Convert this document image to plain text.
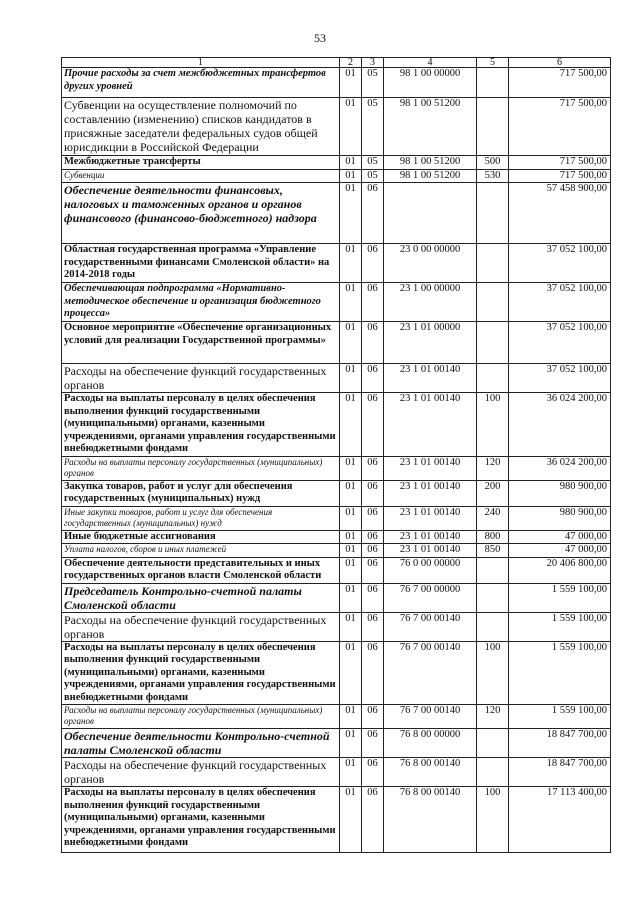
53
1	2	3	4	5	6
Прочие расходы за счет межбюджетных трансфертов других уровней	01	05	98 1 00 00000		717 500,00
Субвенции на осуществление полномочий по составлению (изменению) списков кандидатов в присяжные заседатели федеральных судов общей юрисдикции в Российской Федерации	01	05	98 1 00 51200		717 500,00
Межбюджетные трансферты	01	05	98 1 00 51200	500	717 500,00
Субвенции	01	05	98 1 00 51200	530	717 500,00
Обеспечение деятельности финансовых, налоговых и таможенных органов и органов финансового (финансово-бюджетного) надзора	01	06			57 458 900,00
Областная государственная программа «Управление государственными финансами Смоленской области» на 2014-2018 годы	01	06	23 0 00 00000		37 052 100,00
Обеспечивающая подпрограмма «Нормативно-методическое обеспечение и организация бюджетного процесса»	01	06	23 1 00 00000		37 052 100,00
Основное мероприятие «Обеспечение организационных условий для реализации Государственной программы»	01	06	23 1 01 00000		37 052 100,00
Расходы на обеспечение функций государственных органов	01	06	23 1 01 00140		37 052 100,00
Расходы на выплаты персоналу в целях обеспечения выполнения функций государственными (муниципальными) органами, казенными учреждениями, органами управления государственными внебюджетными фондами	01	06	23 1 01 00140	100	36 024 200,00
Расходы на выплаты персоналу государственных (муниципальных) органов	01	06	23 1 01 00140	120	36 024 200,00
Закупка товаров, работ и услуг для обеспечения государственных (муниципальных) нужд	01	06	23 1 01 00140	200	980 900,00
Иные закупки товаров, работ и услуг для обеспечения государственных (муниципальных) нужд	01	06	23 1 01 00140	240	980 900,00
Иные бюджетные ассигнования	01	06	23 1 01 00140	800	47 000,00
Уплата налогов, сборов и иных платежей	01	06	23 1 01 00140	850	47 000,00
Обеспечение деятельности представительных и иных государственных органов власти Смоленской области	01	06	76 0 00 00000		20 406 800,00
Председатель Контрольно-счетной палаты Смоленской области	01	06	76 7 00 00000		1 559 100,00
Расходы на обеспечение функций государственных органов	01	06	76 7 00 00140		1 559 100,00
Расходы на выплаты персоналу в целях обеспечения выполнения функций государственными (муниципальными) органами, казенными учреждениями, органами управления государственными внебюджетными фондами	01	06	76 7 00 00140	100	1 559 100,00
Расходы на выплаты персоналу государственных (муниципальных) органов	01	06	76 7 00 00140	120	1 559 100,00
Обеспечение деятельности Контрольно-счетной палаты Смоленской области	01	06	76 8 00 00000		18 847 700,00
Расходы на обеспечение функций государственных органов	01	06	76 8 00 00140		18 847 700,00
Расходы на выплаты персоналу в целях обеспечения выполнения функций государственными (муниципальными) органами, казенными учреждениями, органами управления государственными внебюджетными фондами	01	06	76 8 00 00140	100	17 113 400,00
